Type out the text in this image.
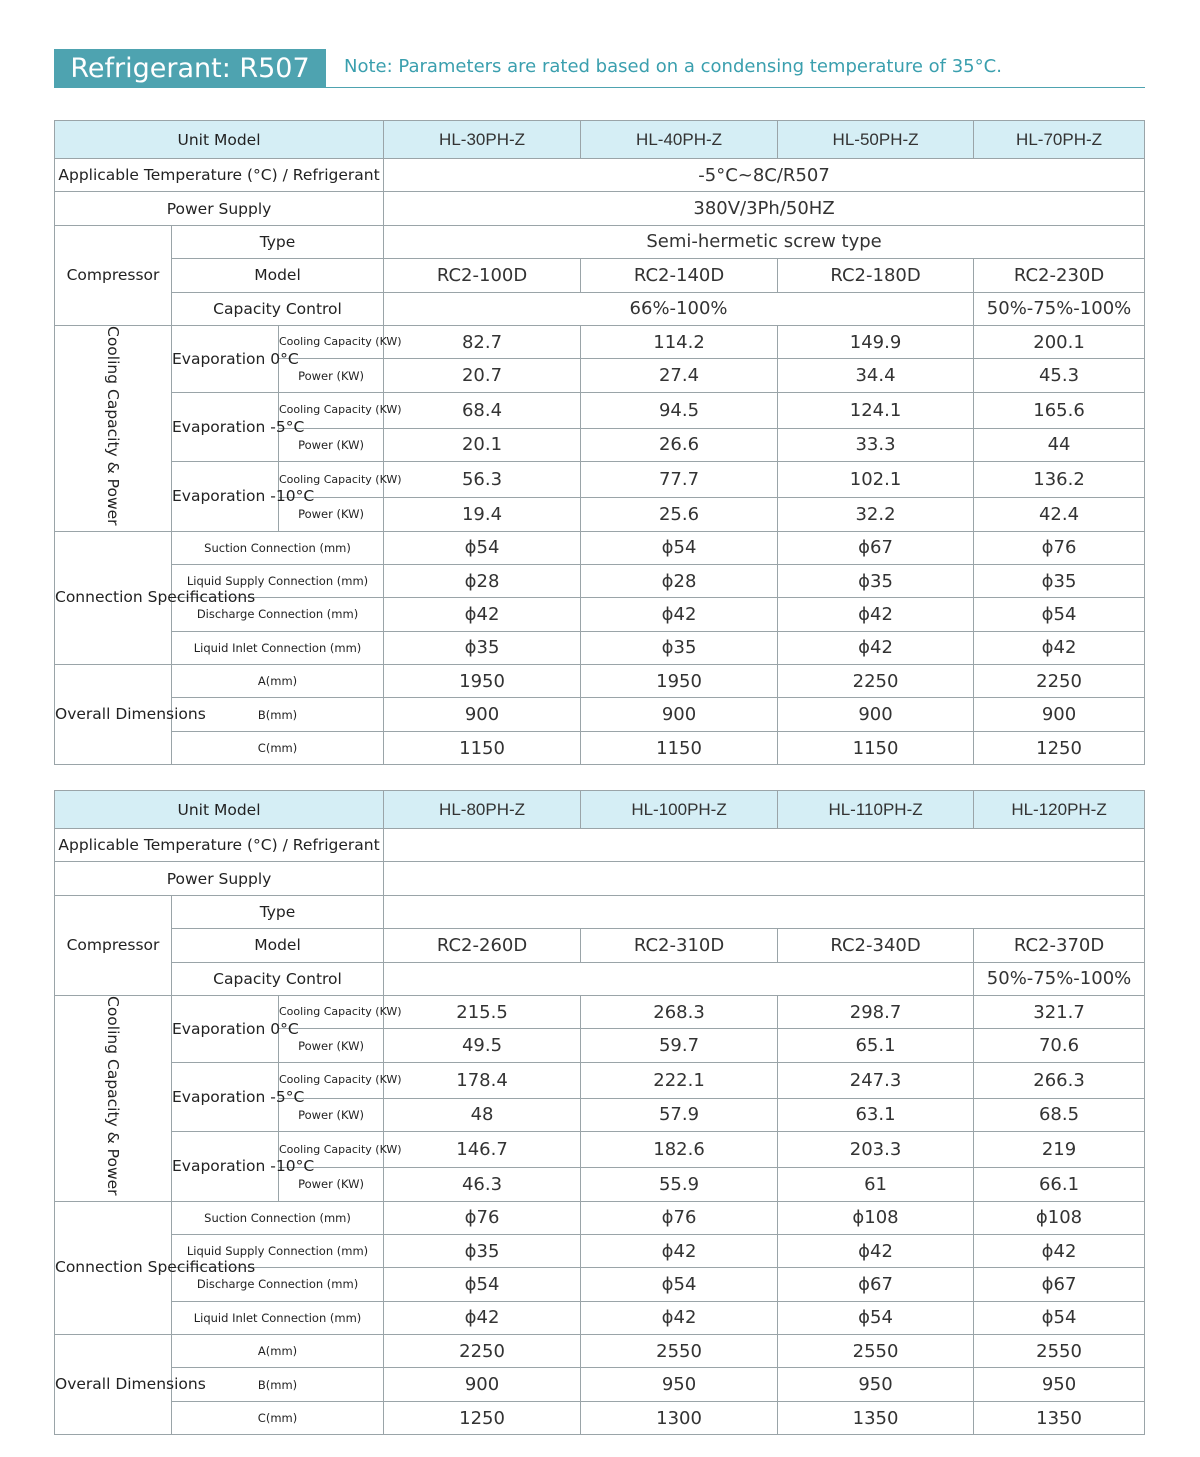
Refrigerant: R507	Note: Parameters are rated based on a condensing temperature of 35°C.
Unit Model			HL-30PH-Z	HL-40PH-Z	HL-50PH-Z	HL-70PH-Z
Applicable Temperature (°C) / Refrigerant			-5°C~8C/R507			
Power Supply			380V/3Ph/50HZ			
Compressor	Type		Semi-hermetic screw type			
	Model		RC2-100D	RC2-140D	RC2-180D	RC2-230D
	Capacity Control		66%-100%			50%-75%-100%
Cooling Capacity & Power	Evaporation 0°C	Cooling Capacity (KW)	82.7	114.2	149.9	200.1
		Power (KW)	20.7	27.4	34.4	45.3
	Evaporation -5°C	Cooling Capacity (KW)	68.4	94.5	124.1	165.6
		Power (KW)	20.1	26.6	33.3	44
	Evaporation -10°C	Cooling Capacity (KW)	56.3	77.7	102.1	136.2
		Power (KW)	19.4	25.6	32.2	42.4
Connection Specifications	Suction Connection (mm)		ϕ54	ϕ54	ϕ67	ϕ76
	Liquid Supply Connection (mm)		ϕ28	ϕ28	ϕ35	ϕ35
	Discharge Connection (mm)		ϕ42	ϕ42	ϕ42	ϕ54
	Liquid Inlet Connection (mm)		ϕ35	ϕ35	ϕ42	ϕ42
Overall Dimensions	A(mm)		1950	1950	2250	2250
	B(mm)		900	900	900	900
	C(mm)		1150	1150	1150	1250
Unit Model			HL-80PH-Z	HL-100PH-Z	HL-110PH-Z	HL-120PH-Z
Applicable Temperature (°C) / Refrigerant						
Power Supply						
Compressor	Type					
	Model		RC2-260D	RC2-310D	RC2-340D	RC2-370D
	Capacity Control					50%-75%-100%
Cooling Capacity & Power	Evaporation 0°C	Cooling Capacity (KW)	215.5	268.3	298.7	321.7
		Power (KW)	49.5	59.7	65.1	70.6
	Evaporation -5°C	Cooling Capacity (KW)	178.4	222.1	247.3	266.3
		Power (KW)	48	57.9	63.1	68.5
	Evaporation -10°C	Cooling Capacity (KW)	146.7	182.6	203.3	219
		Power (KW)	46.3	55.9	61	66.1
Connection Specifications	Suction Connection (mm)		ϕ76	ϕ76	ϕ108	ϕ108
	Liquid Supply Connection (mm)		ϕ35	ϕ42	ϕ42	ϕ42
	Discharge Connection (mm)		ϕ54	ϕ54	ϕ67	ϕ67
	Liquid Inlet Connection (mm)		ϕ42	ϕ42	ϕ54	ϕ54
Overall Dimensions	A(mm)		2250	2550	2550	2550
	B(mm)		900	950	950	950
	C(mm)		1250	1300	1350	1350
